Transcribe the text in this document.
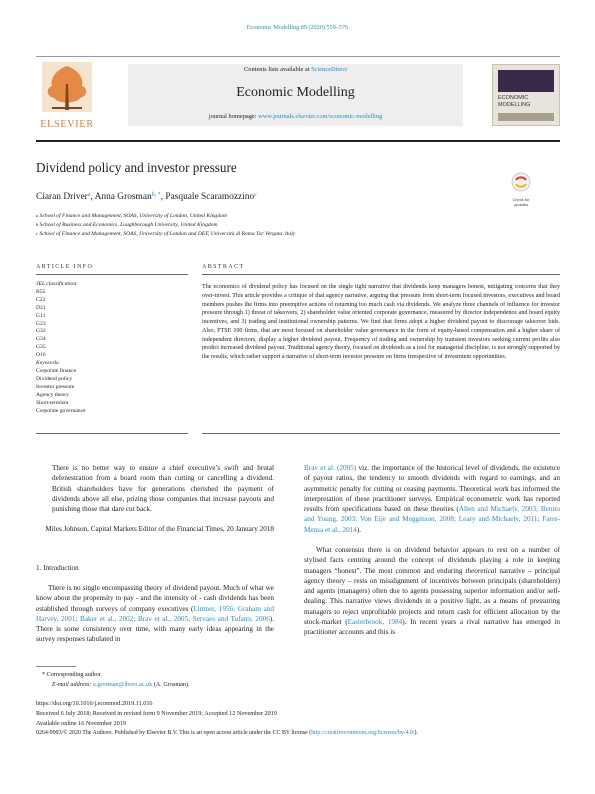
Economic Modelling 89 (2020) 559–576
ELSEVIER
Contents lists available at ScienceDirect
Economic Modelling
journal homepage: www.journals.elsevier.com/economic-modelling
ECONOMIC
MODELLING
Dividend policy and investor pressure
Check for
updates
Ciaran Driver$^a$, Anna Grosman$^{b, *}$, Pasquale Scaramozzino$^c$
$^a$ School of Finance and Management, SOAS, University of London, United Kingdom
$^b$ School of Business and Economics, Loughborough University, United Kingdom
$^c$ School of Finance and Management, SOAS, University of London and DEF, Università di Roma Tor Vergata, Italy
ARTICLE INFO	ABSTRACT
JEL classification:
B55
C23
D21
G11
G23
G32
G34
G35
O16
Keywords:
Corporate finance
Dividend policy
Investor pressure
Agency theory
Short-termism
Corporate governance
The economics of dividend policy has focused on the single tight narrative that dividends keep managers honest, mitigating concerns that they over-invest. This article provides a critique of that agency narrative, arguing that pressure from short-term focused investors, executives and board members pushes the firms into preemptive actions of returning too much cash via dividends. We analyze three channels of influence for investor pressure through 1) threat of takeovers, 2) shareholder value oriented corporate governance, measured by director independence and board equity incentives, and 3) trading and institutional ownership patterns. We find that firms adopt a higher dividend payout to discourage takeover bids. Also, FTSE 100 firms, that are most focused on shareholder value governance in the form of equity-based compensation and a higher share of independent directors, display a higher dividend payout. Frequency of trading and ownership by transient investors seeking current profits also predict increased dividend payout. Traditional agency theory, focused on dividends as a tool for managerial discipline, is not strongly supported by the results, which rather support a narrative of short-term investor pressure on firms irrespective of investment opportunities.
There is no better way to ensure a chief executive’s swift and brutal defenestration from a board room than cutting or cancelling a dividend. British shareholders have for generations cherished the payment of dividends above all else, prizing those companies that increase payouts and punishing those that dare cut back.
Miles Johnson, Capital Markets Editor of the Financial Times, 20 January 2018
1. Introduction
There is no single encompassing theory of dividend payout. Much of what we know about the propensity to pay - and the intensity of - cash dividends has been established through surveys of company executives (Lintner, 1956; Graham and Harvey, 2001; Baker et al., 2002; Brav et al., 2005; Servaes and Tufano, 2006). There is some consistency over time, with many early ideas appearing in the survey responses tabulated in
Brav et al. (2005) viz. the importance of the historical level of dividends, the existence of payout ratios, the tendency to smooth dividends with regard to earnings, and an asymmetric penalty for cutting or ceasing payments. Theoretical work has informed the interpretation of these practitioner surveys. Empirical econometric work has reported results from specifications based on these theories (Allen and Michaely, 2003; Benito and Young, 2003; Von Eije and Megginson, 2008; Leary and Michaely, 2011; Farre-Mensa et al., 2014).
What consensus there is on dividend behavior appears to rest on a number of stylised facts centring around the concept of dividends playing a role in keeping managers “honest”. The most common and enduring theoretical narrative – principal agency theory – rests on misalignment of incentives between principals (shareholders) and agents (managers) often due to agents possessing superior information and/or self-dealing. This narrative views dividends in a positive light, as a means of pressuring managers to reject unprofitable projects and return cash for efficient allocation by the stock-market (Easterbrook, 1984). In recent years a rival narrative has emerged in practitioner accounts and this is
* Corresponding author.
E-mail address: a.grosman@lboro.ac.uk (A. Grosman).
https://doi.org/10.1016/j.econmod.2019.11.016
Received 6 July 2018; Received in revised form 9 November 2019; Accepted 12 November 2019
Available online 16 November 2019
0264-9993/© 2020 The Authors. Published by Elsevier B.V. This is an open access article under the CC BY license (http://creativecommons.org/licenses/by/4.0/).
